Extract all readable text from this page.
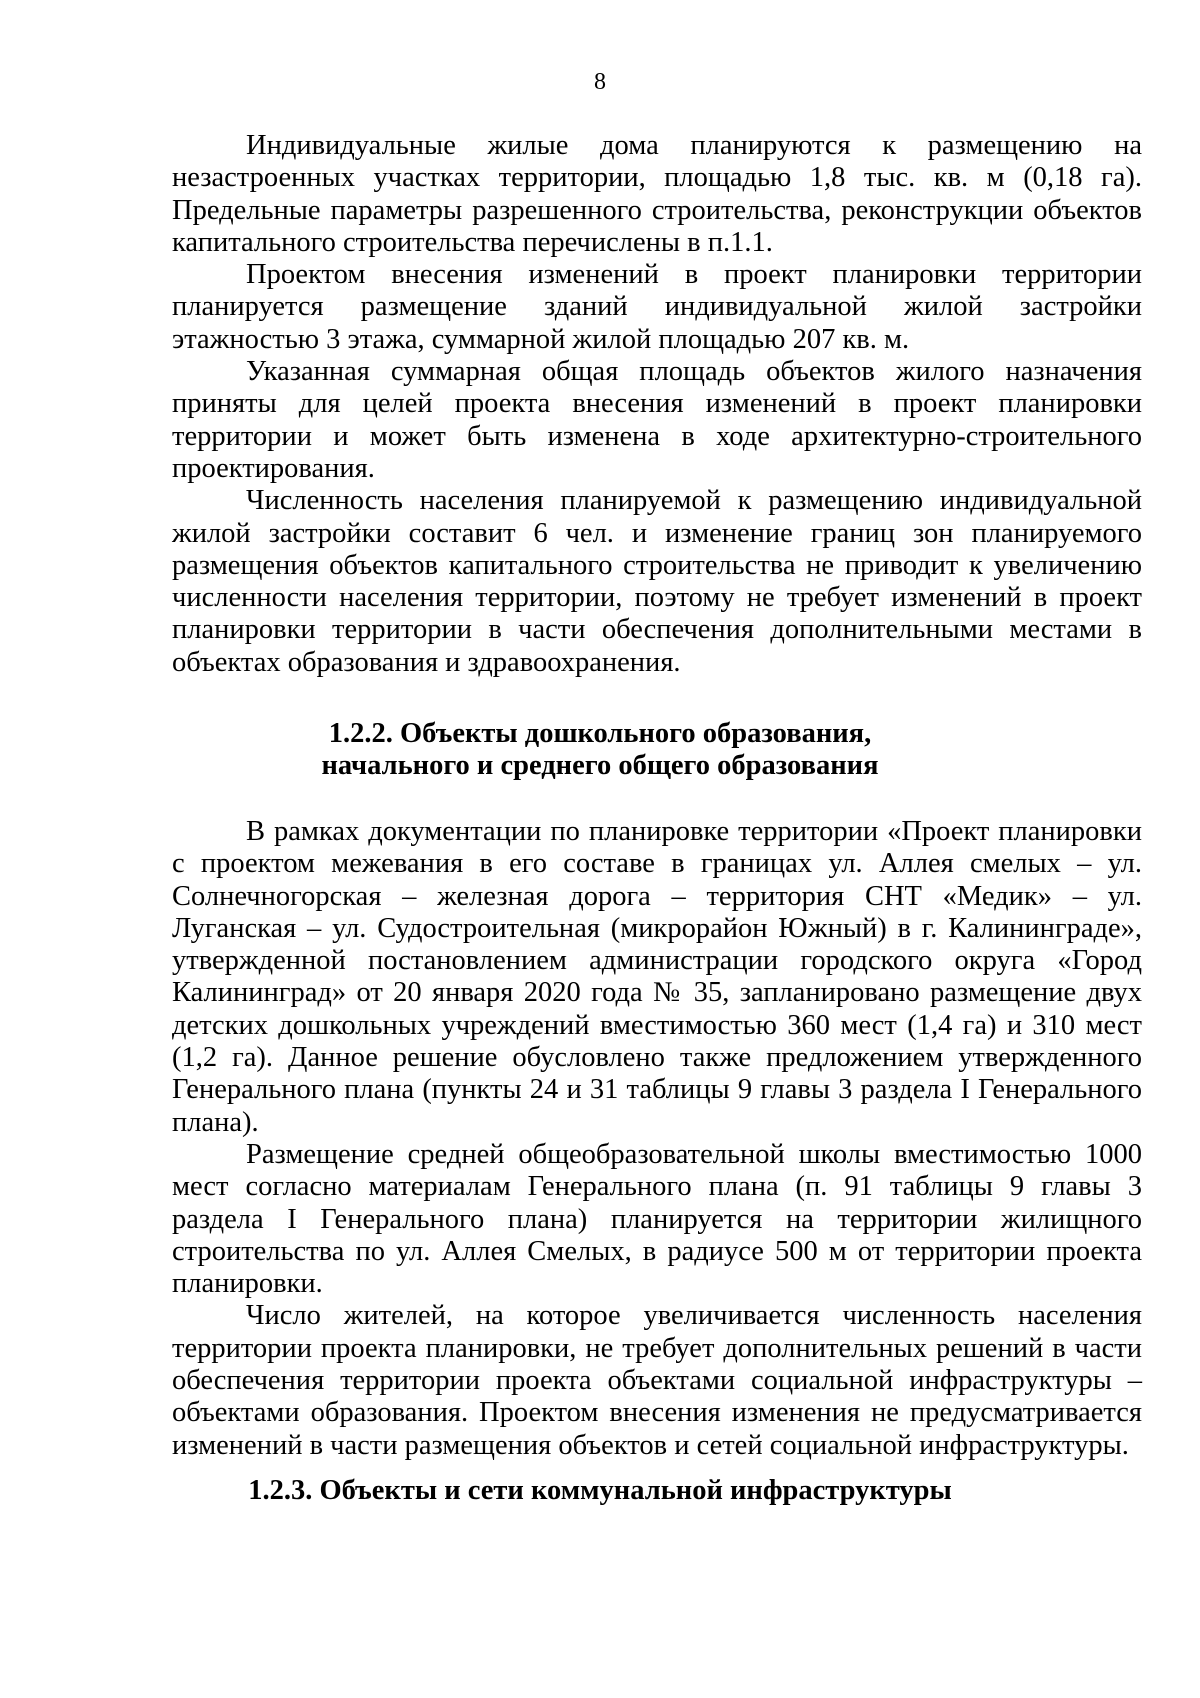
8

Индивидуальные жилые дома планируются к размещению на незастроенных участках территории, площадью 1,8 тыс. кв. м (0,18 га). Предельные параметры разрешенного строительства, реконструкции объектов капитального строительства перечислены в п.1.1.

Проектом внесения изменений в проект планировки территории планируется размещение зданий индивидуальной жилой застройки этажностью 3 этажа, суммарной жилой площадью 207 кв. м.

Указанная суммарная общая площадь объектов жилого назначения приняты для целей проекта внесения изменений в проект планировки территории и может быть изменена в ходе архитектурно-строительного проектирования.

Численность населения планируемой к размещению индивидуальной жилой застройки составит 6 чел. и изменение границ зон планируемого размещения объектов капитального строительства не приводит к увеличению численности населения территории, поэтому не требует изменений в проект планировки территории в части обеспечения дополнительными местами в объектах образования и здравоохранения.

1.2.2. Объекты дошкольного образования,
начального и среднего общего образования

В рамках документации по планировке территории «Проект планировки с проектом межевания в его составе в границах ул. Аллея смелых – ул. Солнечногорская – железная дорога – территория СНТ «Медик» – ул. Луганская – ул. Судостроительная (микрорайон Южный) в г. Калининграде», утвержденной постановлением администрации городского округа «Город Калининград» от 20 января 2020 года № 35, запланировано размещение двух детских дошкольных учреждений вместимостью 360 мест (1,4 га) и 310 мест (1,2 га). Данное решение обусловлено также предложением утвержденного Генерального плана (пункты 24 и 31 таблицы 9 главы 3 раздела I Генерального плана).

Размещение средней общеобразовательной школы вместимостью 1000 мест согласно материалам Генерального плана (п. 91 таблицы 9 главы 3 раздела I Генерального плана) планируется на территории жилищного строительства по ул. Аллея Смелых, в радиусе 500 м от территории проекта планировки.

Число жителей, на которое увеличивается численность населения территории проекта планировки, не требует дополнительных решений в части обеспечения территории проекта объектами социальной инфраструктуры – объектами образования. Проектом внесения изменения не предусматривается изменений в части размещения объектов и сетей социальной инфраструктуры.

1.2.3. Объекты и сети коммунальной инфраструктуры
